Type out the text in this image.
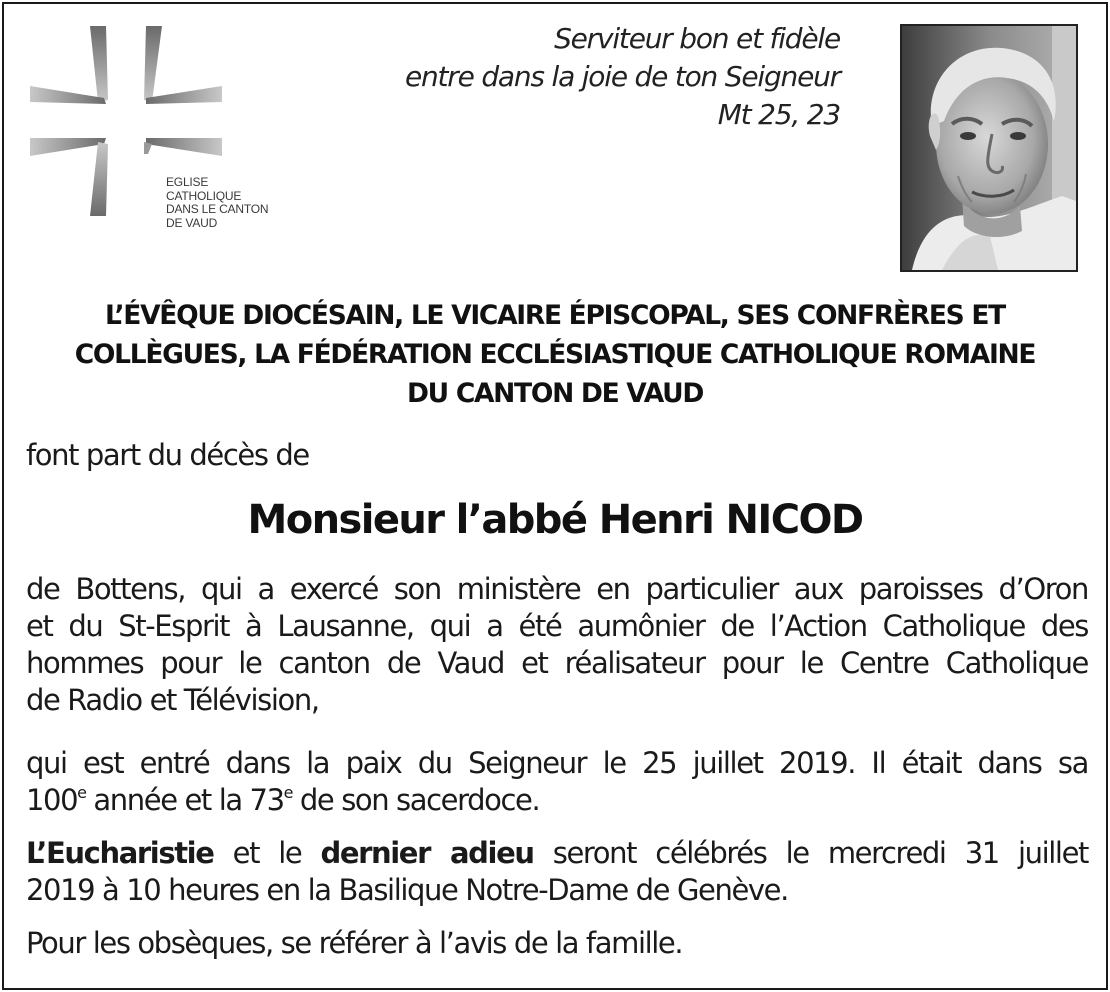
EGLISE
CATHOLIQUE
DANS LE CANTON
DE VAUD

Serviteur bon et fidèle
entre dans la joie de ton Seigneur
Mt 25, 23

L’ÉVÊQUE DIOCÉSAIN, LE VICAIRE ÉPISCOPAL, SES CONFRÈRES ET
COLLÈGUES, LA FÉDÉRATION ECCLÉSIASTIQUE CATHOLIQUE ROMAINE
DU CANTON DE VAUD

font part du décès de

Monsieur l’abbé Henri NICOD
de Bottens, qui a exercé son ministère en particulier aux paroisses d’Oron
et du St-Esprit à Lausanne, qui a été aumônier de l’Action Catholique des
hommes pour le canton de Vaud et réalisateur pour le Centre Catholique
de Radio et Télévision,
qui est entré dans la paix du Seigneur le 25 juillet 2019. Il était dans sa
100e année et la 73e de son sacerdoce.
L’Eucharistie et le dernier adieu seront célébrés le mercredi 31 juillet
2019 à 10 heures en la Basilique Notre-Dame de Genève.

Pour les obsèques, se référer à l’avis de la famille.
